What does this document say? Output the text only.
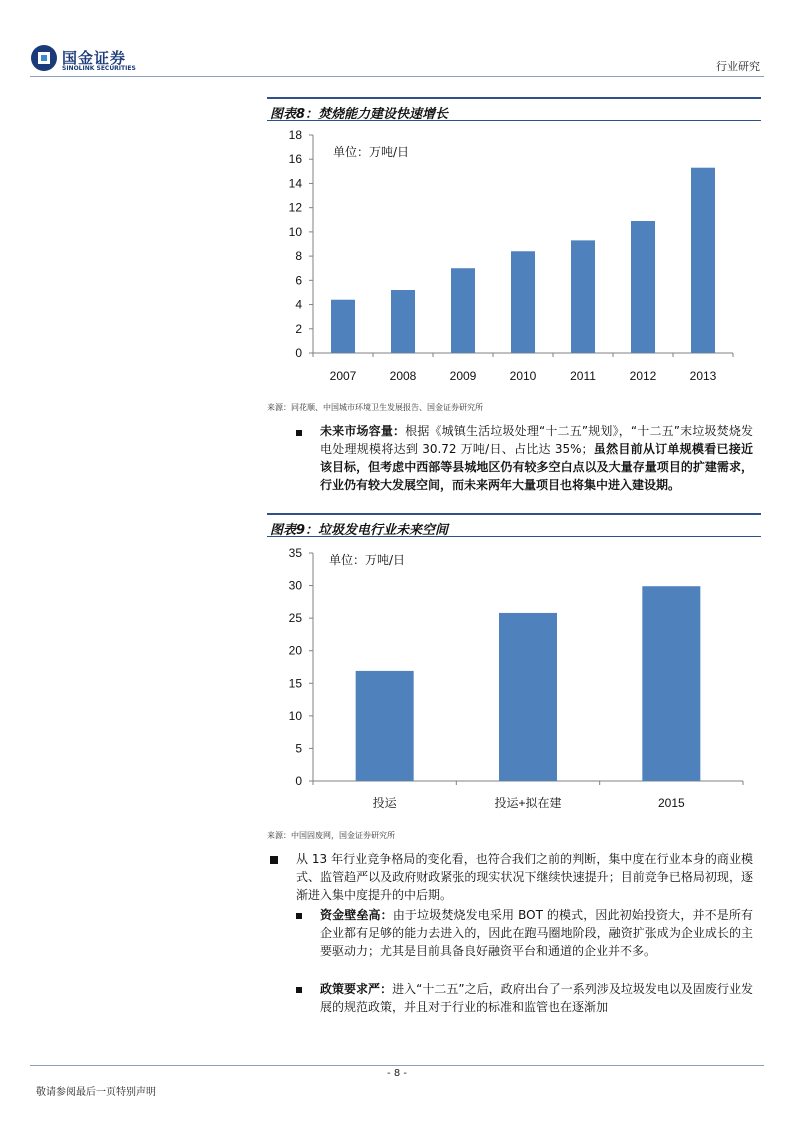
国金证券
SINOLINK SECURITIES	行业研究
图表8：焚烧能力建设快速增长
0
2
4
6
8
10
12
14
16
18
2007	2008	2009	2010	2011	2012	2013
单位：万吨/日
来源：同花顺、中国城市环境卫生发展报告、国金证券研究所
未来市场容量：根据《城镇生活垃圾处理“十二五”规划》，“十二五”末垃圾焚烧发电处理规模将达到 30.72 万吨/日、占比达 35%；虽然目前从订单规模看已接近该目标，但考虑中西部等县城地区仍有较多空白点以及大量存量项目的扩建需求，行业仍有较大发展空间，而未来两年大量项目也将集中进入建设期。
图表9：垃圾发电行业未来空间
0
5
10
15
20
25
30
35
投运	投运+拟在建	2015
单位：万吨/日
来源：中国固废网，国金证券研究所
从 13 年行业竞争格局的变化看，也符合我们之前的判断，集中度在行业本身的商业模式、监管趋严以及政府财政紧张的现实状况下继续快速提升；目前竞争已格局初现，逐渐进入集中度提升的中后期。
资金壁垒高：由于垃圾焚烧发电采用 BOT 的模式，因此初始投资大，并不是所有企业都有足够的能力去进入的，因此在跑马圈地阶段，融资扩张成为企业成长的主要驱动力；尤其是目前具备良好融资平台和通道的企业并不多。
政策要求严：进入“十二五”之后，政府出台了一系列涉及垃圾发电以及固废行业发展的规范政策，并且对于行业的标准和监管也在逐渐加
- 8 -
敬请参阅最后一页特别声明
